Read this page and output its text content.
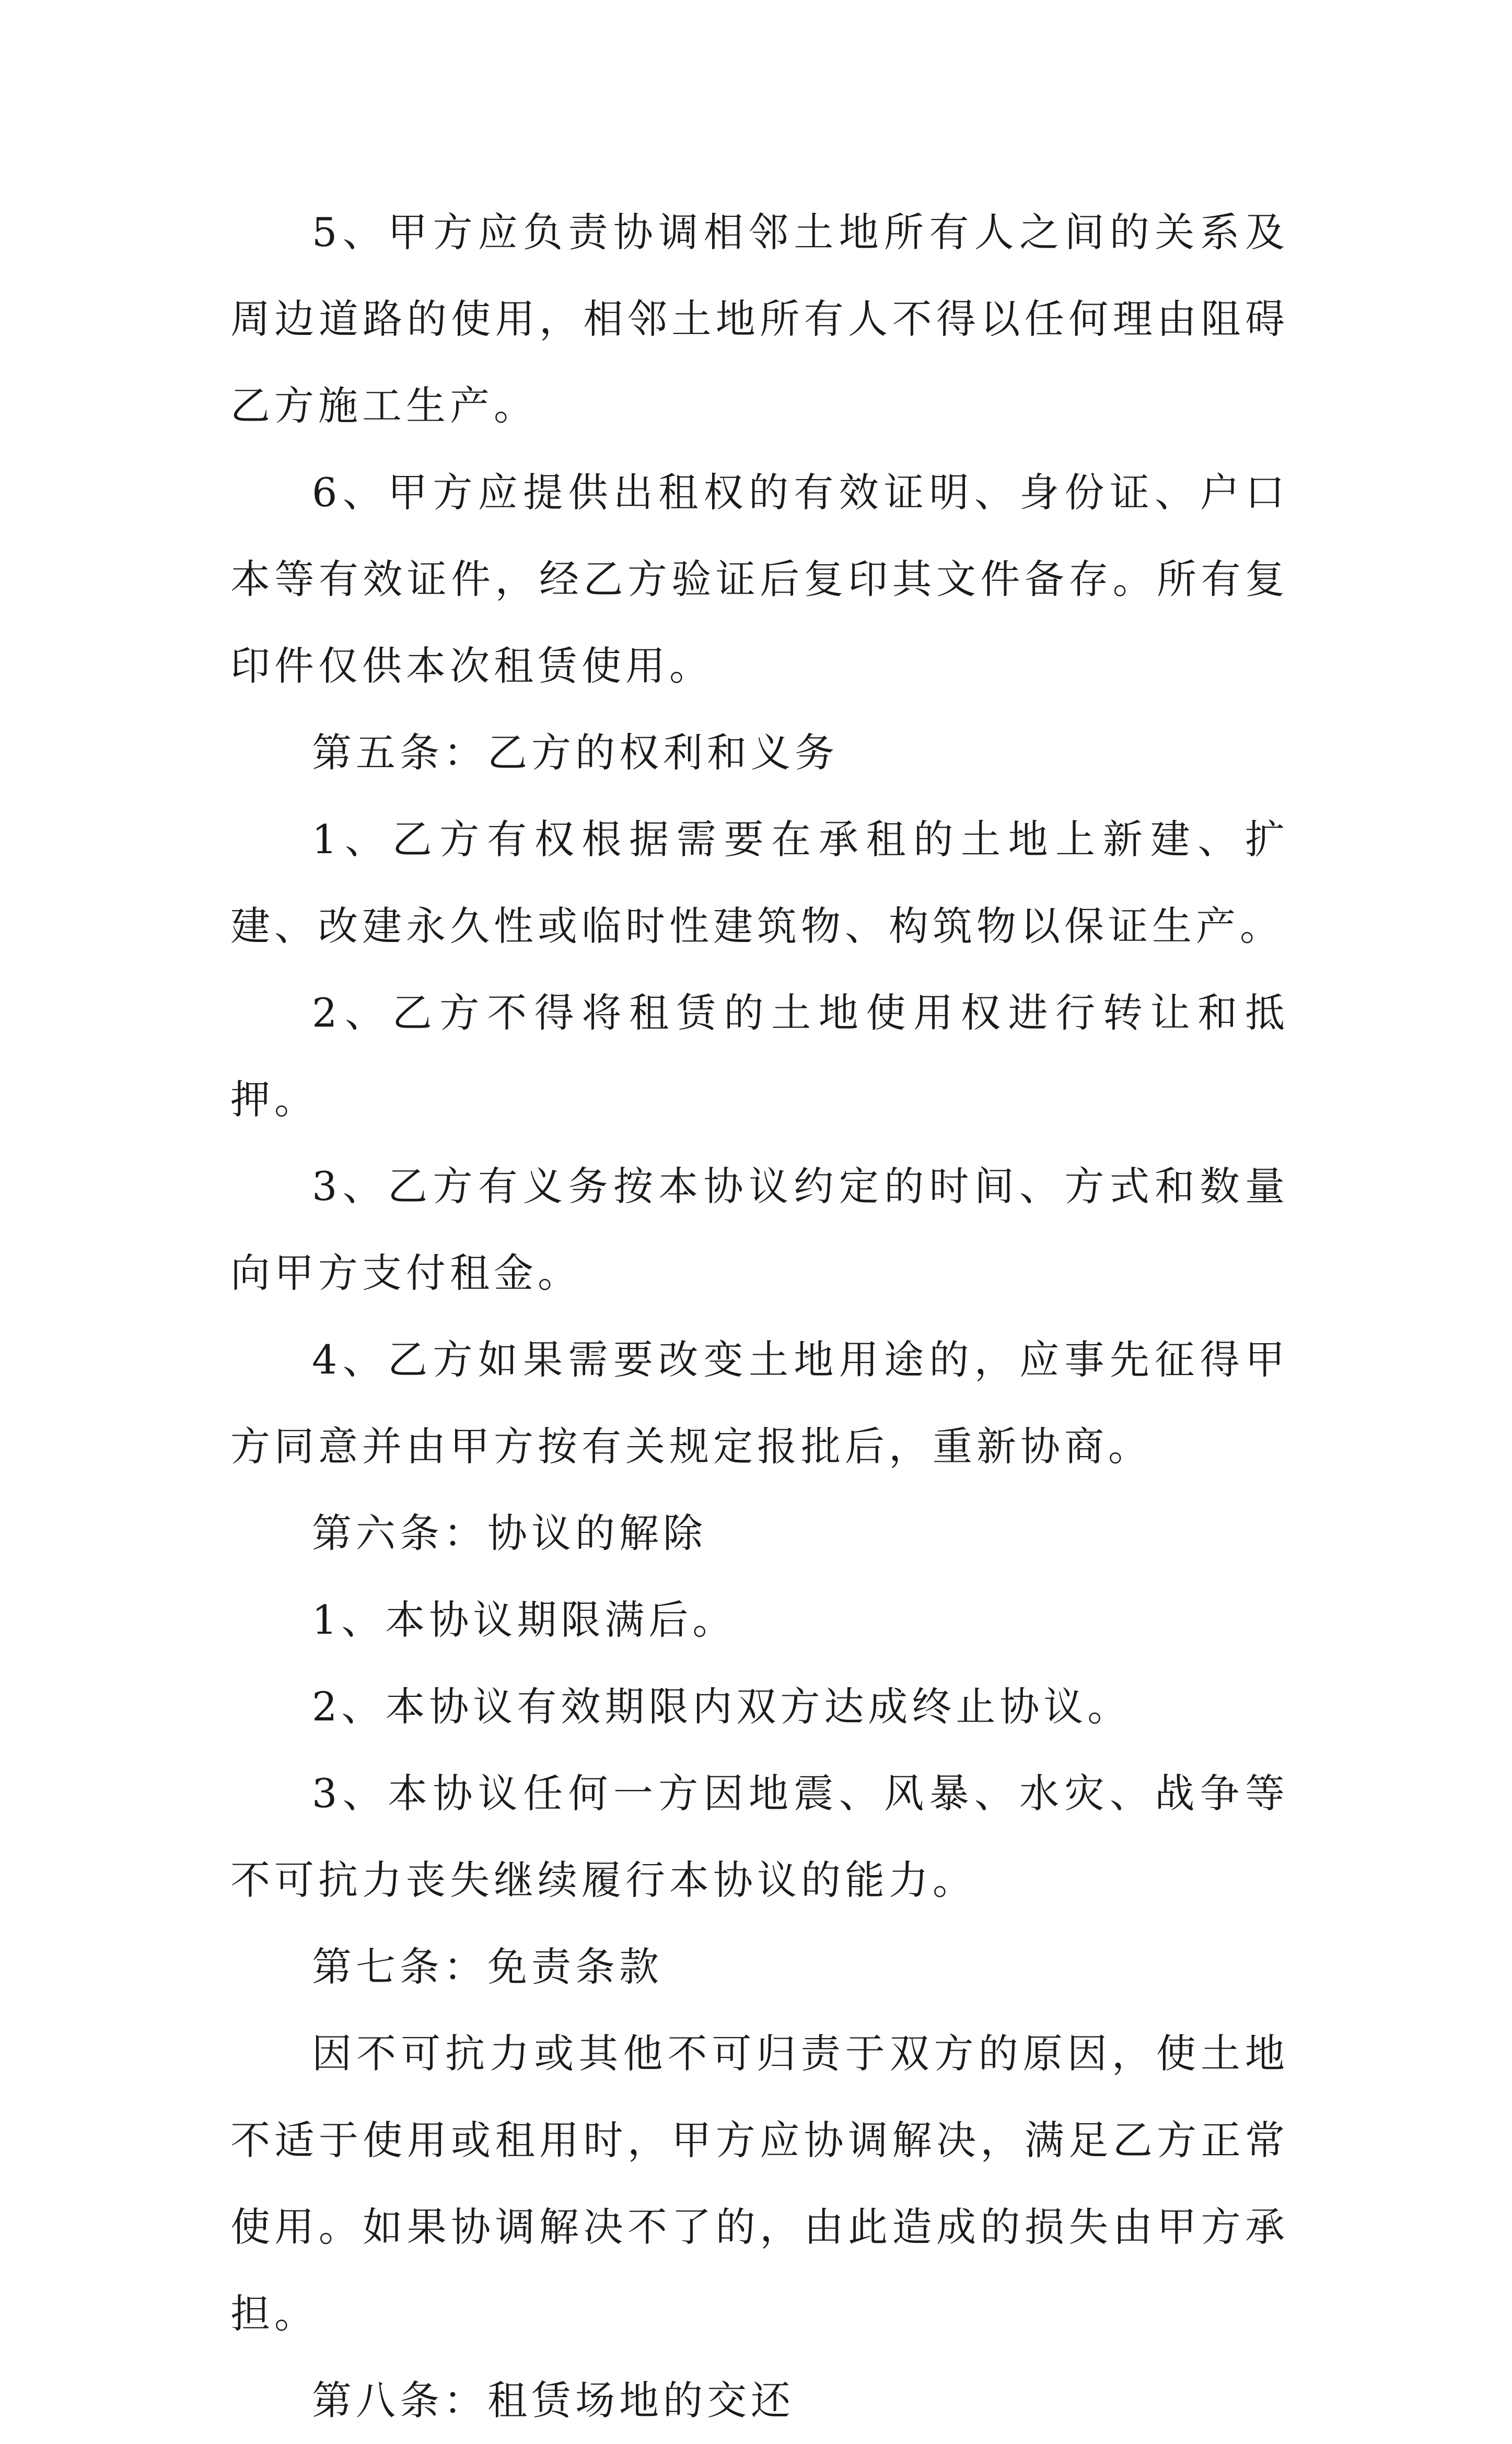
5、甲方应负责协调相邻土地所有人之间的关系及周边道路的使用，相邻土地所有人不得以任何理由阻碍乙方施工生产。

6、甲方应提供出租权的有效证明、身份证、户口本等有效证件，经乙方验证后复印其文件备存。所有复印件仅供本次租赁使用。

第五条：乙方的权利和义务

1、乙方有权根据需要在承租的土地上新建、扩建、改建永久性或临时性建筑物、构筑物以保证生产。

2、乙方不得将租赁的土地使用权进行转让和抵押。

3、乙方有义务按本协议约定的时间、方式和数量向甲方支付租金。

4、乙方如果需要改变土地用途的，应事先征得甲方同意并由甲方按有关规定报批后，重新协商。

第六条：协议的解除

1、本协议期限满后。

2、本协议有效期限内双方达成终止协议。

3、本协议任何一方因地震、风暴、水灾、战争等不可抗力丧失继续履行本协议的能力。

第七条：免责条款

因不可抗力或其他不可归责于双方的原因，使土地不适于使用或租用时，甲方应协调解决，满足乙方正常使用。如果协调解决不了的，由此造成的损失由甲方承担。

第八条：租赁场地的交还
